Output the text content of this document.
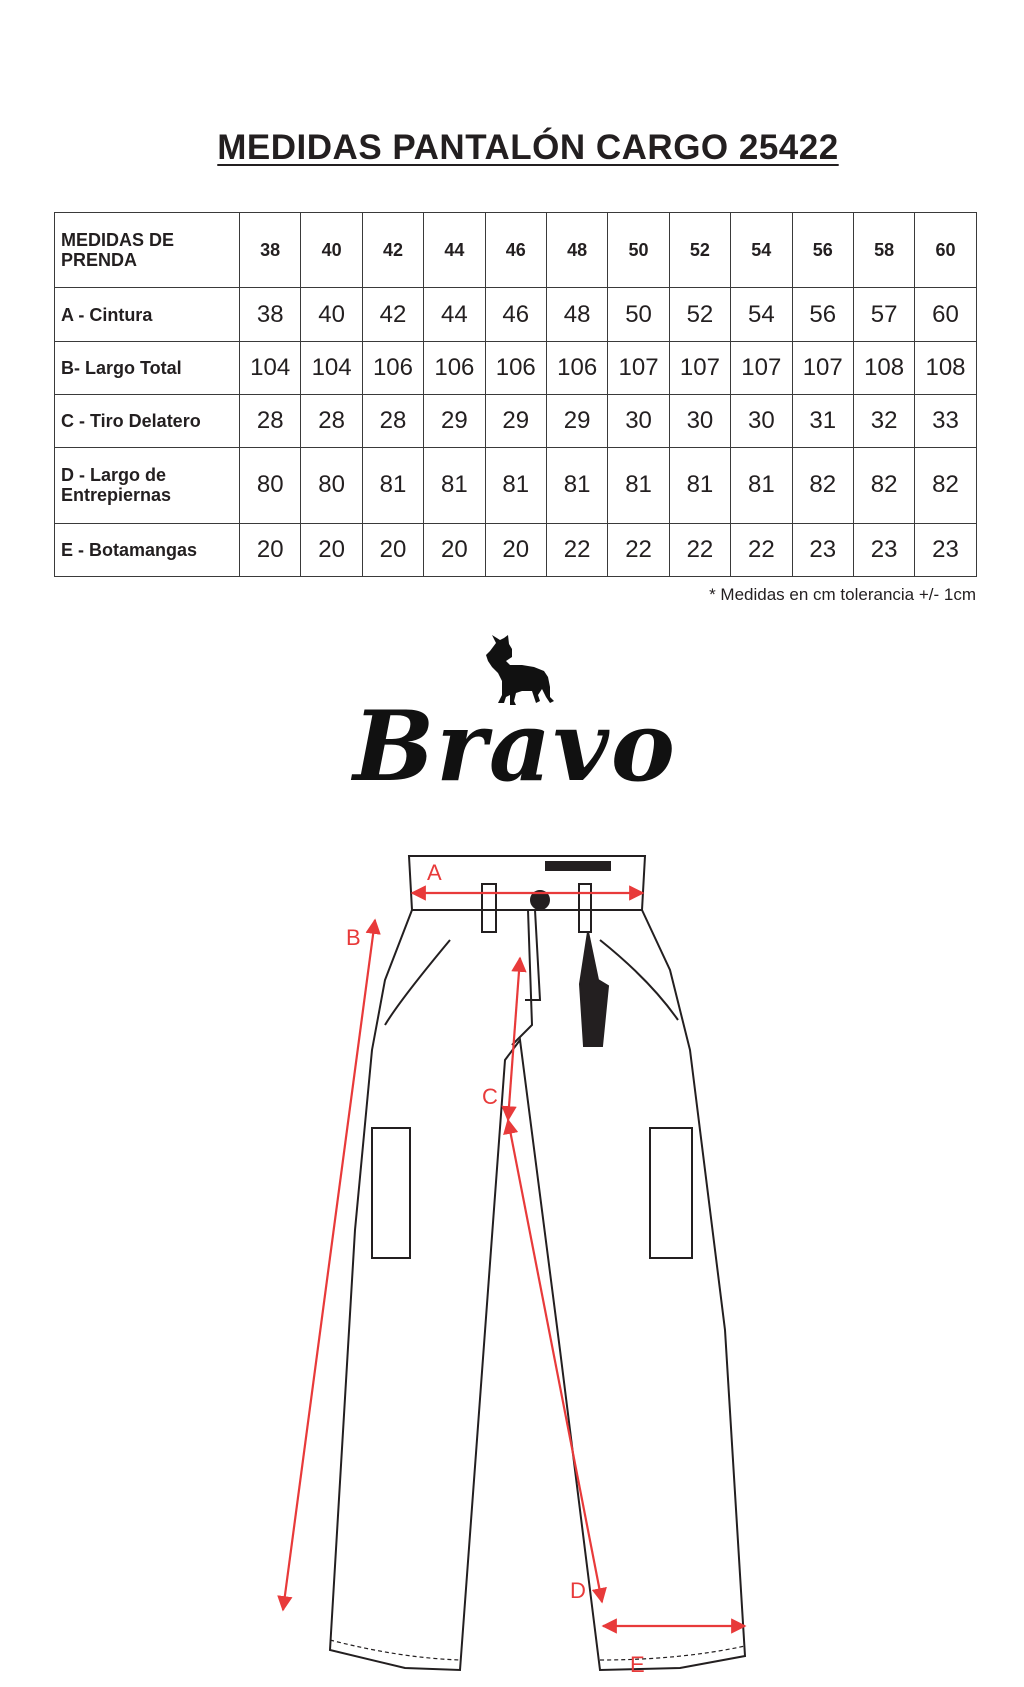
MEDIDAS PANTALÓN CARGO 25422
MEDIDAS DE PRENDA	38	40	42	44	46	48	50	52	54	56	58	60
A - Cintura	38	40	42	44	46	48	50	52	54	56	57	60
B- Largo Total	104	104	106	106	106	106	107	107	107	107	108	108
C - Tiro Delatero	28	28	28	29	29	29	30	30	30	31	32	33
D - Largo de Entrepiernas	80	80	81	81	81	81	81	81	81	82	82	82
E - Botamangas	20	20	20	20	20	22	22	22	22	23	23	23
* Medidas en cm tolerancia +/- 1cm
Bravo
A
B
C
D
E
